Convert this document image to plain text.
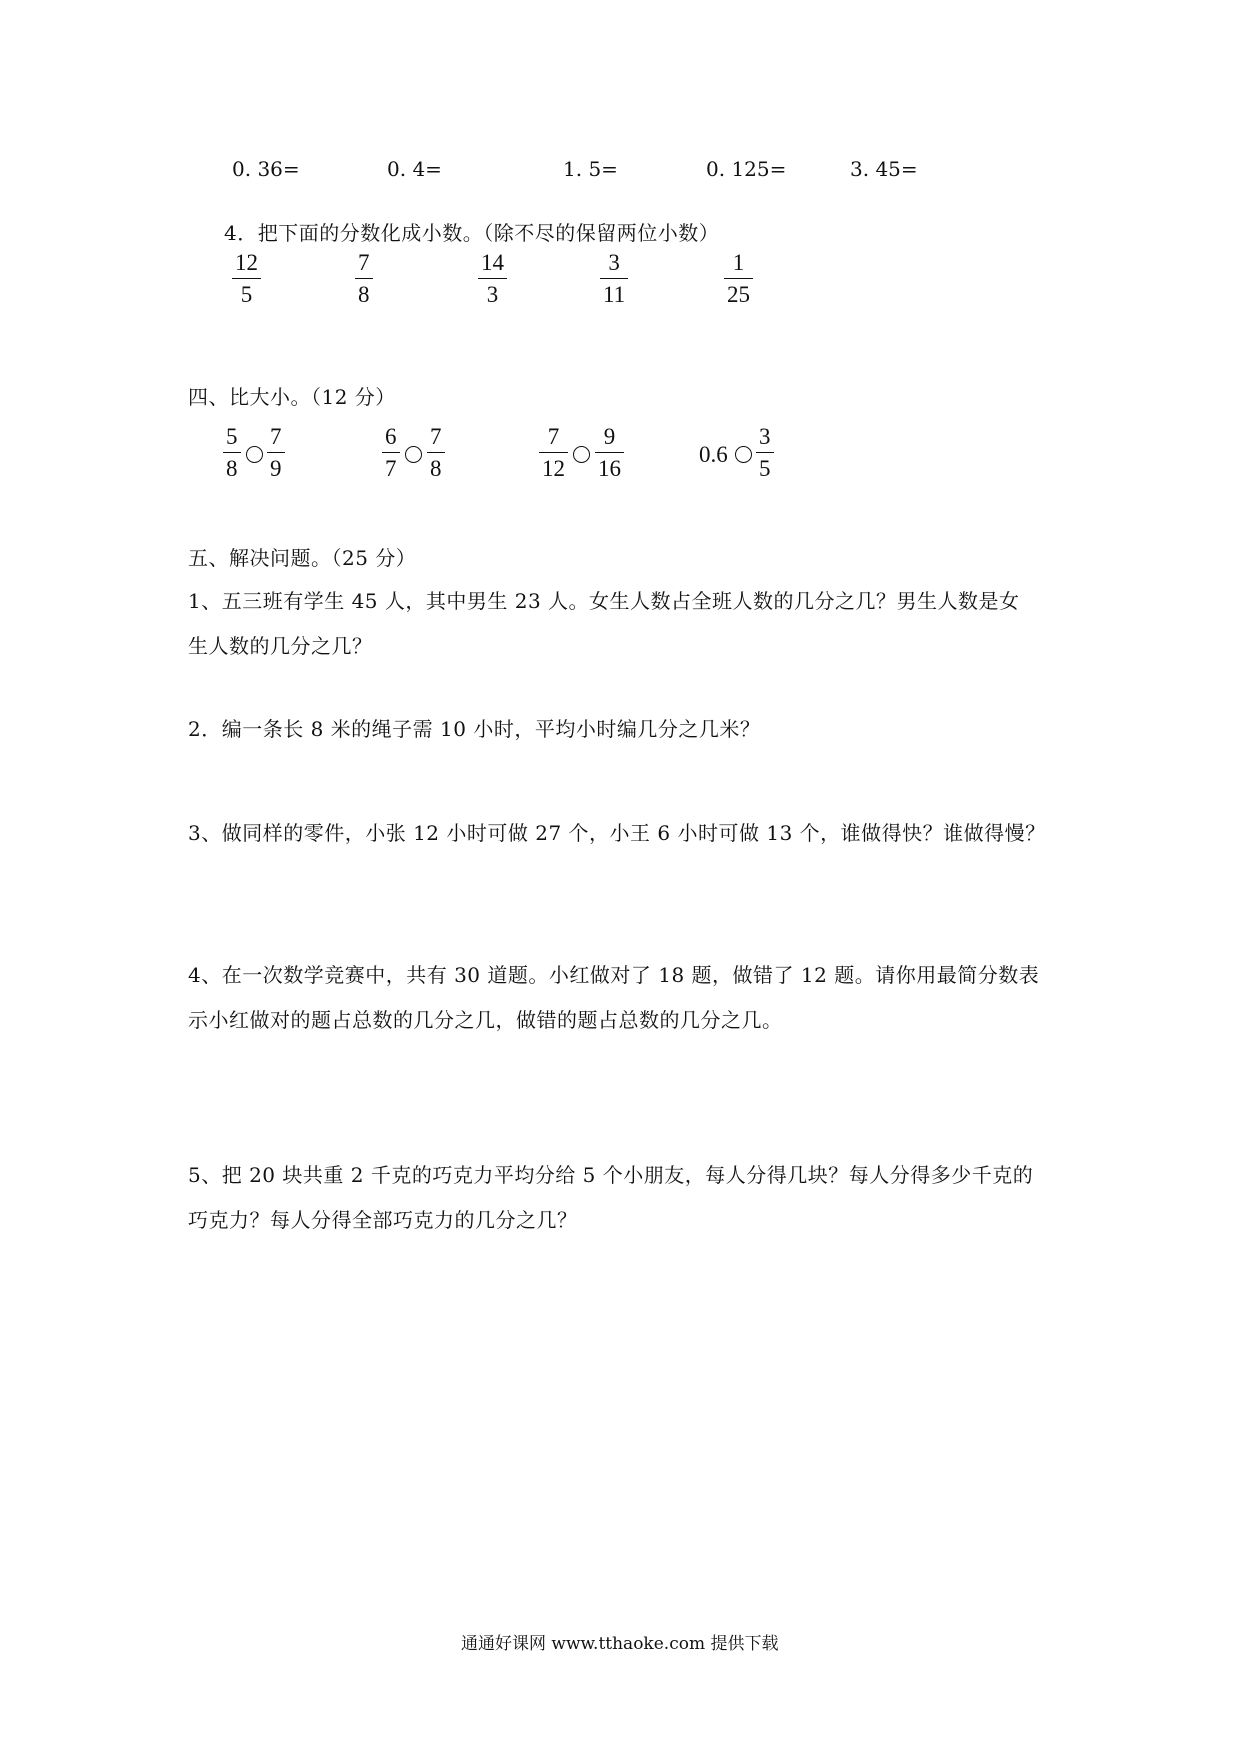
0. 36=	0. 4=	1. 5=	0. 125=	3. 45=
4．把下面的分数化成小数。（除不尽的保留两位小数）
12
5
7
8
14
3
3
11
1
25
四、比大小。（12 分）
5
8
7
9
6
7
7
8
7
12
9
16
0.6
3
5
五、解决问题。（25 分）
1、五三班有学生 45 人，其中男生 23 人。女生人数占全班人数的几分之几？男生人数是女
生人数的几分之几？
2．编一条长 8 米的绳子需 10 小时，平均小时编几分之几米？
3、做同样的零件，小张 12 小时可做 27 个，小王 6 小时可做 13 个，谁做得快？谁做得慢？
4、在一次数学竞赛中，共有 30 道题。小红做对了 18 题，做错了 12 题。请你用最简分数表
示小红做对的题占总数的几分之几，做错的题占总数的几分之几。
5、把 20 块共重 2 千克的巧克力平均分给 5 个小朋友，每人分得几块？每人分得多少千克的
巧克力？每人分得全部巧克力的几分之几？
通通好课网 www.tthaoke.com 提供下载
